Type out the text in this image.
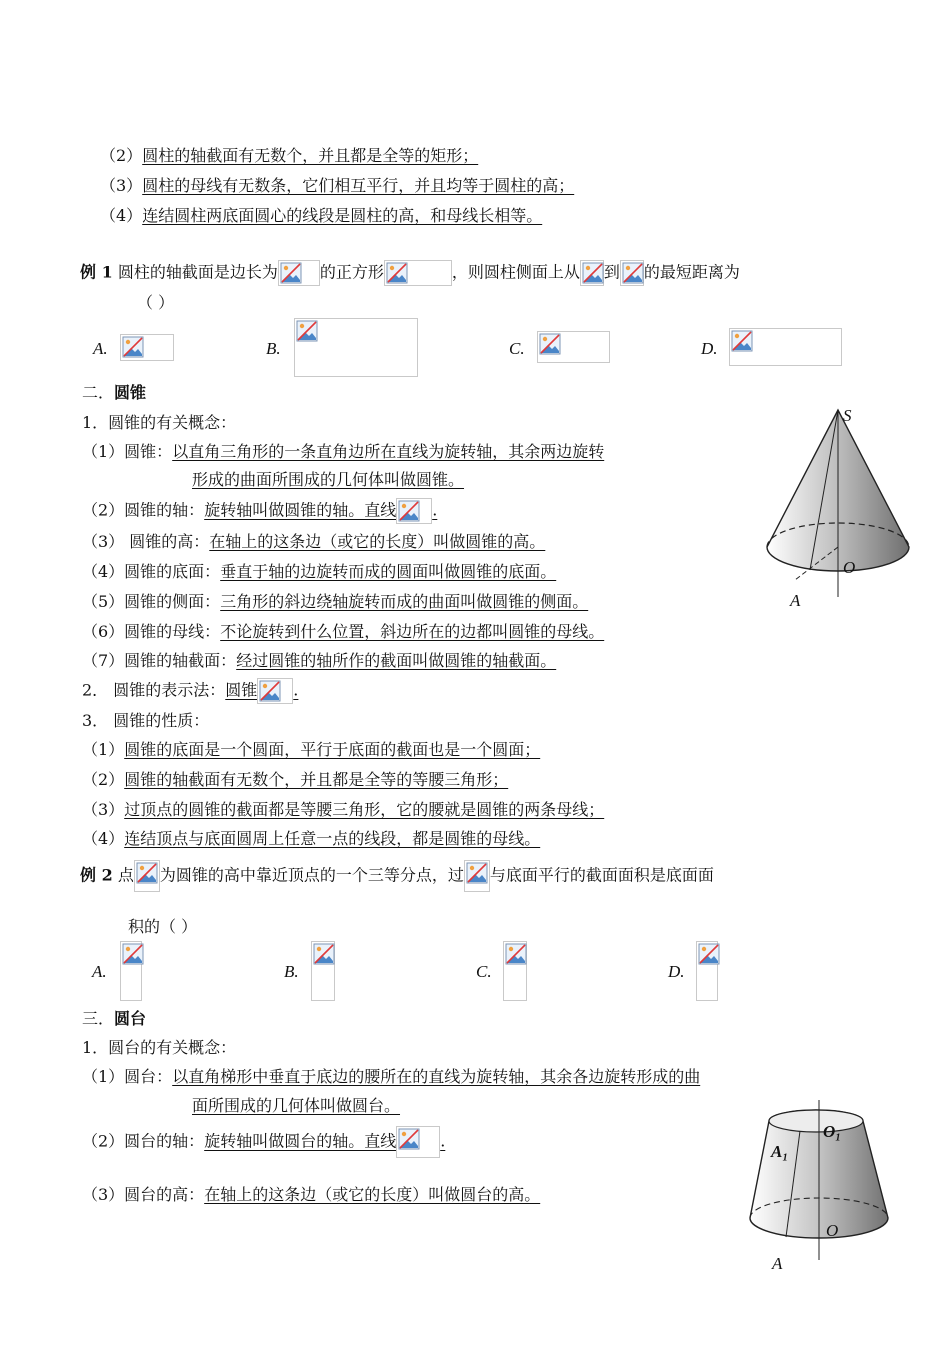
（2）圆柱的轴截面有无数个，并且都是全等的矩形；
（3）圆柱的母线有无数条，它们相互平行，并且均等于圆柱的高；
（4）连结圆柱两底面圆心的线段是圆柱的高，和母线长相等。
例 1 圆柱的轴截面是边长为	的正方形	，则圆柱侧面上从 到 的最短距离为
（ ）
A.	B.	C.	D.
二．圆锥
1．圆锥的有关概念：
（1）圆锥：以直角三角形的一条直角边所在直线为旋转轴，其余两边旋转
形成的曲面所围成的几何体叫做圆锥。
（2）圆锥的轴：旋转轴叫做圆锥的轴。直线 .
（3） 圆锥的高：在轴上的这条边（或它的长度）叫做圆锥的高。
（4）圆锥的底面：垂直于轴的边旋转而成的圆面叫做圆锥的底面。
（5）圆锥的侧面：三角形的斜边绕轴旋转而成的曲面叫做圆锥的侧面。
（6）圆锥的母线：不论旋转到什么位置，斜边所在的边都叫圆锥的母线。
（7）圆锥的轴截面：经过圆锥的轴所作的截面叫做圆锥的轴截面。
2． 圆锥的表示法：圆锥 .
3． 圆锥的性质：
（1）圆锥的底面是一个圆面，平行于底面的截面也是一个圆面；
（2）圆锥的轴截面有无数个，并且都是全等的等腰三角形；
（3）过顶点的圆锥的截面都是等腰三角形，它的腰就是圆锥的两条母线；
（4）连结顶点与底面圆周上任意一点的线段，都是圆锥的母线。
S
O
A
例 2 点 为圆锥的高中靠近顶点的一个三等分点，过 与底面平行的截面面积是底面面
积的（ ）
A.	B.	C.	D.
三．圆台
1．圆台的有关概念：
（1）圆台：以直角梯形中垂直于底边的腰所在的直线为旋转轴，其余各边旋转形成的曲
面所围成的几何体叫做圆台。
（2）圆台的轴：旋转轴叫做圆台的轴。直线	.
（3）圆台的高：在轴上的这条边（或它的长度）叫做圆台的高。
O₁
A₁
O
A
